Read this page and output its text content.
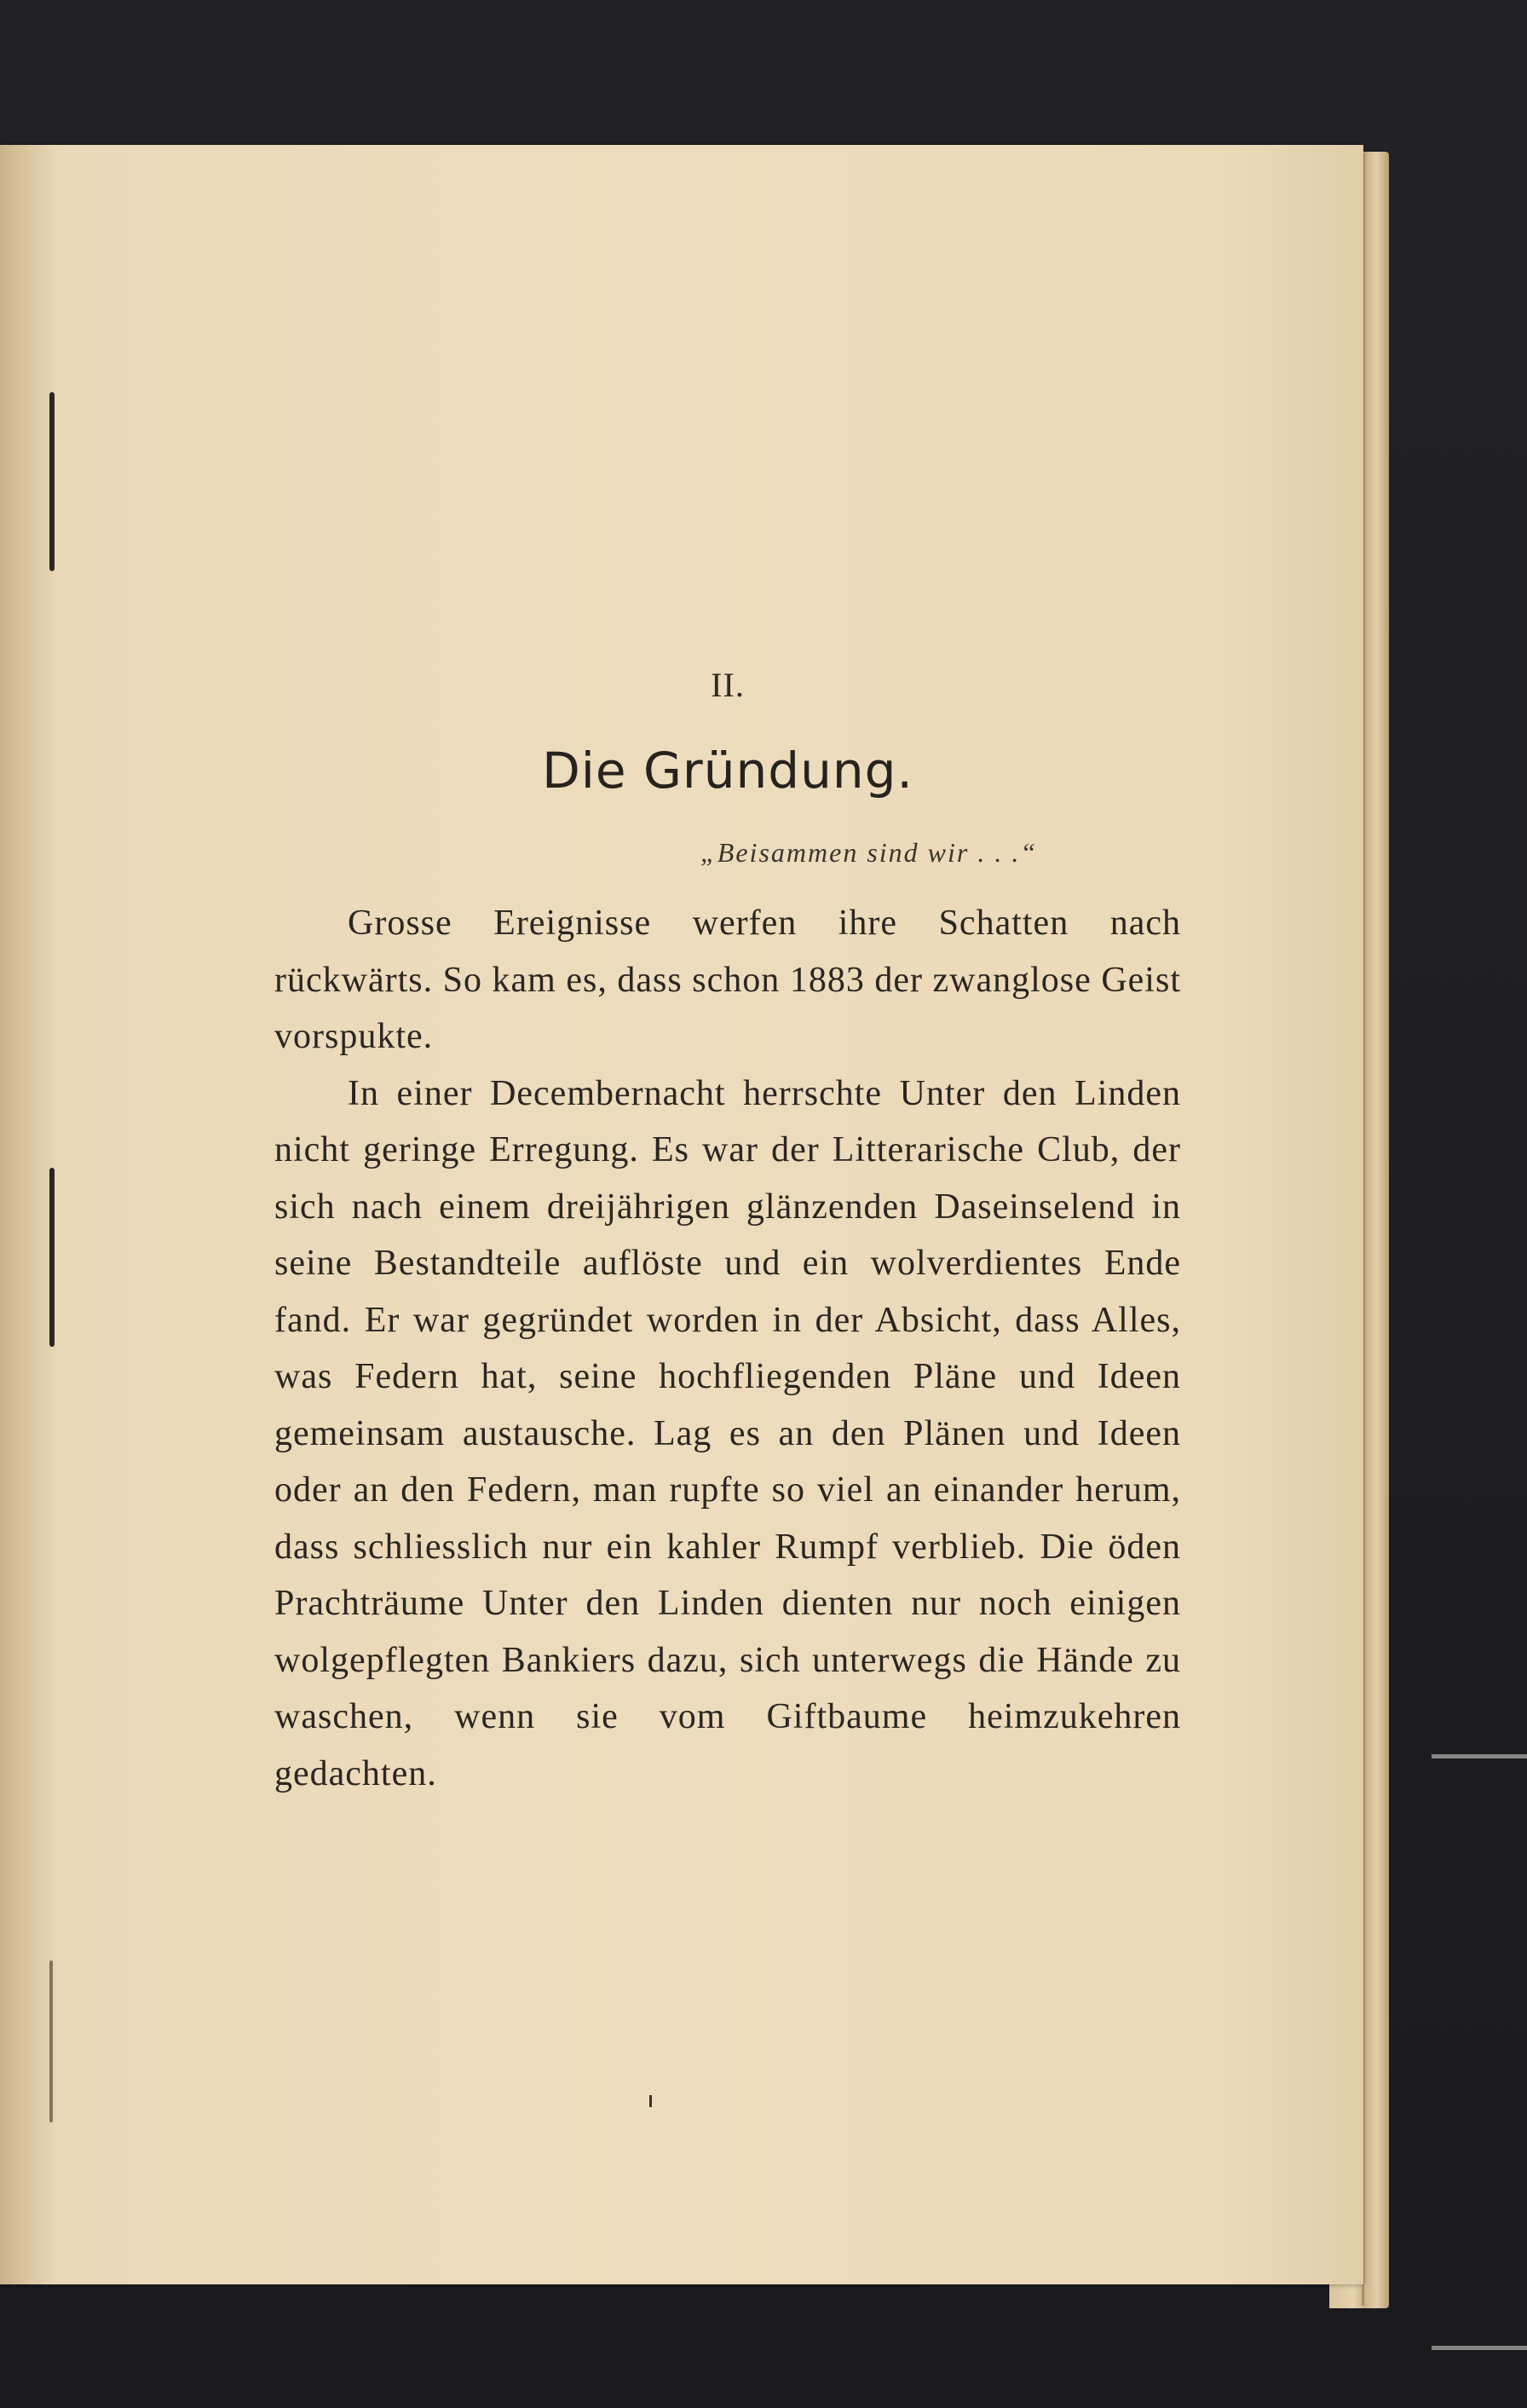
II.
Die Gründung.
„Beisammen sind wir . . .“

Grosse Ereignisse werfen ihre Schatten nach rückwärts. So kam es, dass schon 1883 der zwanglose Geist vorspukte.

In einer Decembernacht herrschte Unter den Linden nicht geringe Erregung. Es war der Litterarische Club, der sich nach einem dreijährigen glänzenden Daseinselend in seine Bestandteile auflöste und ein wolverdientes Ende fand. Er war gegründet worden in der Absicht, dass Alles, was Federn hat, seine hochfliegenden Pläne und Ideen gemeinsam austausche. Lag es an den Plänen und Ideen oder an den Federn, man rupfte so viel an einander herum, dass schliesslich nur ein kahler Rumpf verblieb. Die öden Prachträume Unter den Linden dienten nur noch einigen wolgepflegten Bankiers dazu, sich unterwegs die Hände zu waschen, wenn sie vom Giftbaume heimzukehren gedachten.
